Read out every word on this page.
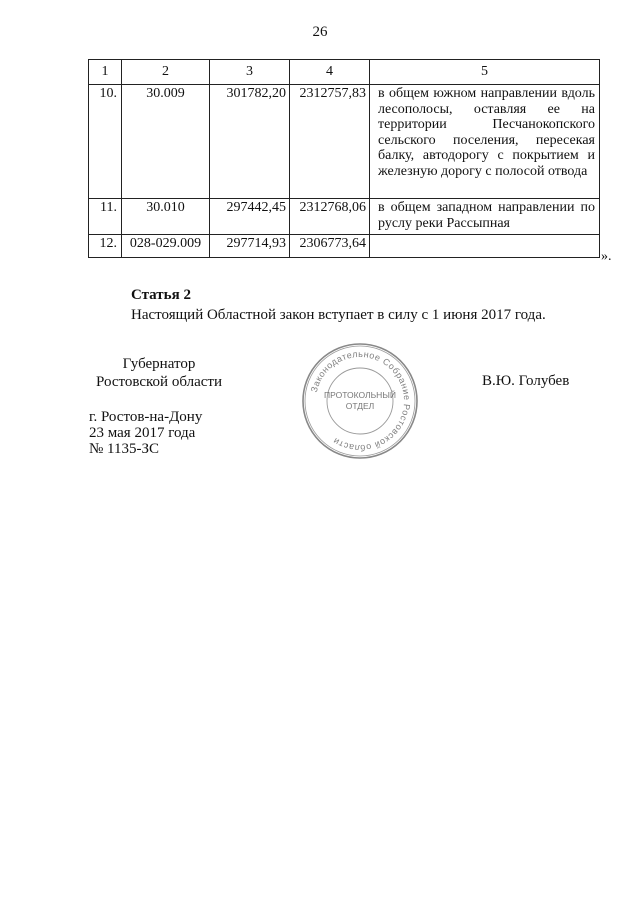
26
1	2	3	4	5
10.	30.009	301782,20	2312757,83	в общем южном направлении вдоль лесополосы, оставляя ее на территории Песчанокопского сельского поселения, пересекая балку, автодорогу с покрытием и железную дорогу с полосой отвода
11.	30.010	297442,45	2312768,06	в общем западном направлении по руслу реки Рассыпная
12.	028-029.009	297714,93	2306773,64	
».
Статья 2
Настоящий Областной закон вступает в силу с 1 июня 2017 года.
Губернатор
Ростовской области	Законодательное Собрание Ростовской области
ПРОТОКОЛЬНЫЙ
ОТДЕЛ
В.Ю. Голубев
г. Ростов-на-Дону
23 мая 2017 года
№ 1135-ЗС
